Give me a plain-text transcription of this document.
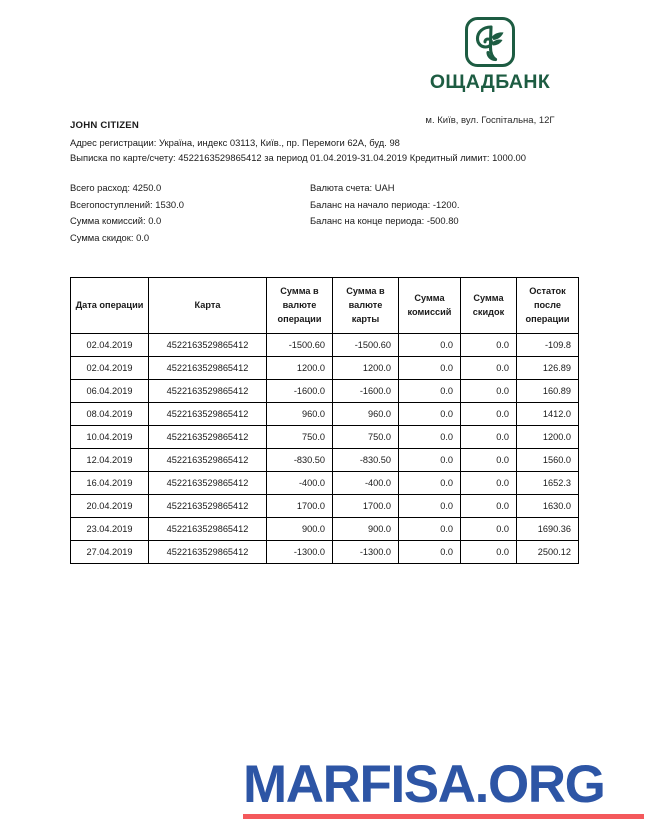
ОЩАДБАНК
м. Київ, вул. Госпітальна, 12Г
JOHN CITIZEN
Адрес регистрации: Україна, индекс 03113, Київ., пр. Перемоги 62А, буд. 98
Выписка по карте/счету: 4522163529865412 за период 01.04.2019-31.04.2019 Кредитный лимит: 1000.00
Всего расход: 4250.0
Всегопоступлений: 1530.0
Сумма комиссий: 0.0
Сумма скидок: 0.0
Валюта счета: UAH
Баланс на начало периода: -1200.
Баланс на конце периода: -500.80
Дата операции	Карта	Сумма в валюте операции	Сумма в валюте карты	Сумма комиссий	Сумма скидок	Остаток после операции
02.04.2019	4522163529865412	-1500.60	-1500.60	0.0	0.0	-109.8
02.04.2019	4522163529865412	1200.0	1200.0	0.0	0.0	126.89
06.04.2019	4522163529865412	-1600.0	-1600.0	0.0	0.0	160.89
08.04.2019	4522163529865412	960.0	960.0	0.0	0.0	1412.0
10.04.2019	4522163529865412	750.0	750.0	0.0	0.0	1200.0
12.04.2019	4522163529865412	-830.50	-830.50	0.0	0.0	1560.0
16.04.2019	4522163529865412	-400.0	-400.0	0.0	0.0	1652.3
20.04.2019	4522163529865412	1700.0	1700.0	0.0	0.0	1630.0
23.04.2019	4522163529865412	900.0	900.0	0.0	0.0	1690.36
27.04.2019	4522163529865412	-1300.0	-1300.0	0.0	0.0	2500.12
MARFISA.ORG
